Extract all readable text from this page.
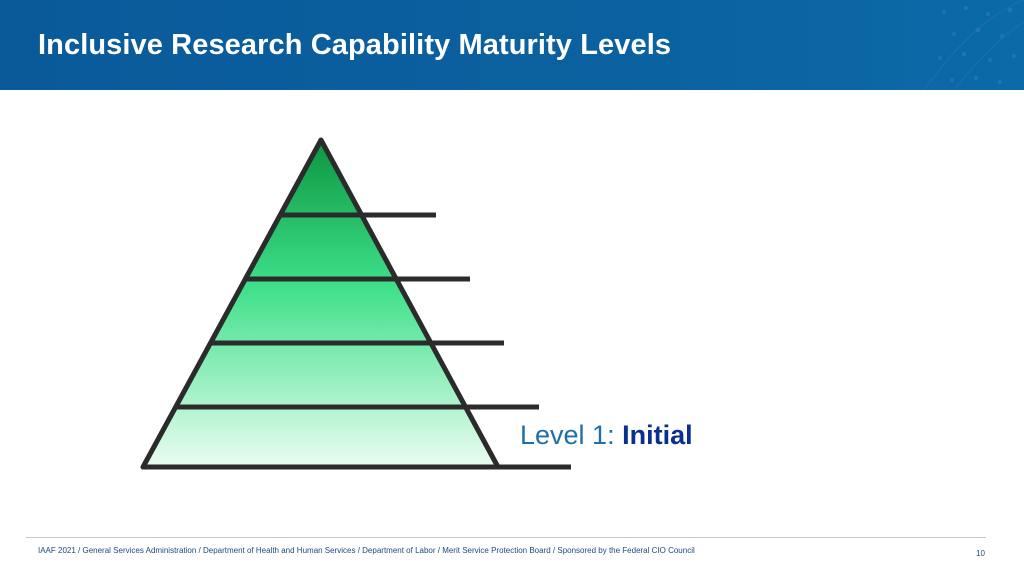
Inclusive Research Capability Maturity Levels
Level 1: Initial
IAAF 2021 / General Services Administration / Department of Health and Human Services / Department of Labor / Merit Service Protection Board / Sponsored by the Federal CIO Council	10
